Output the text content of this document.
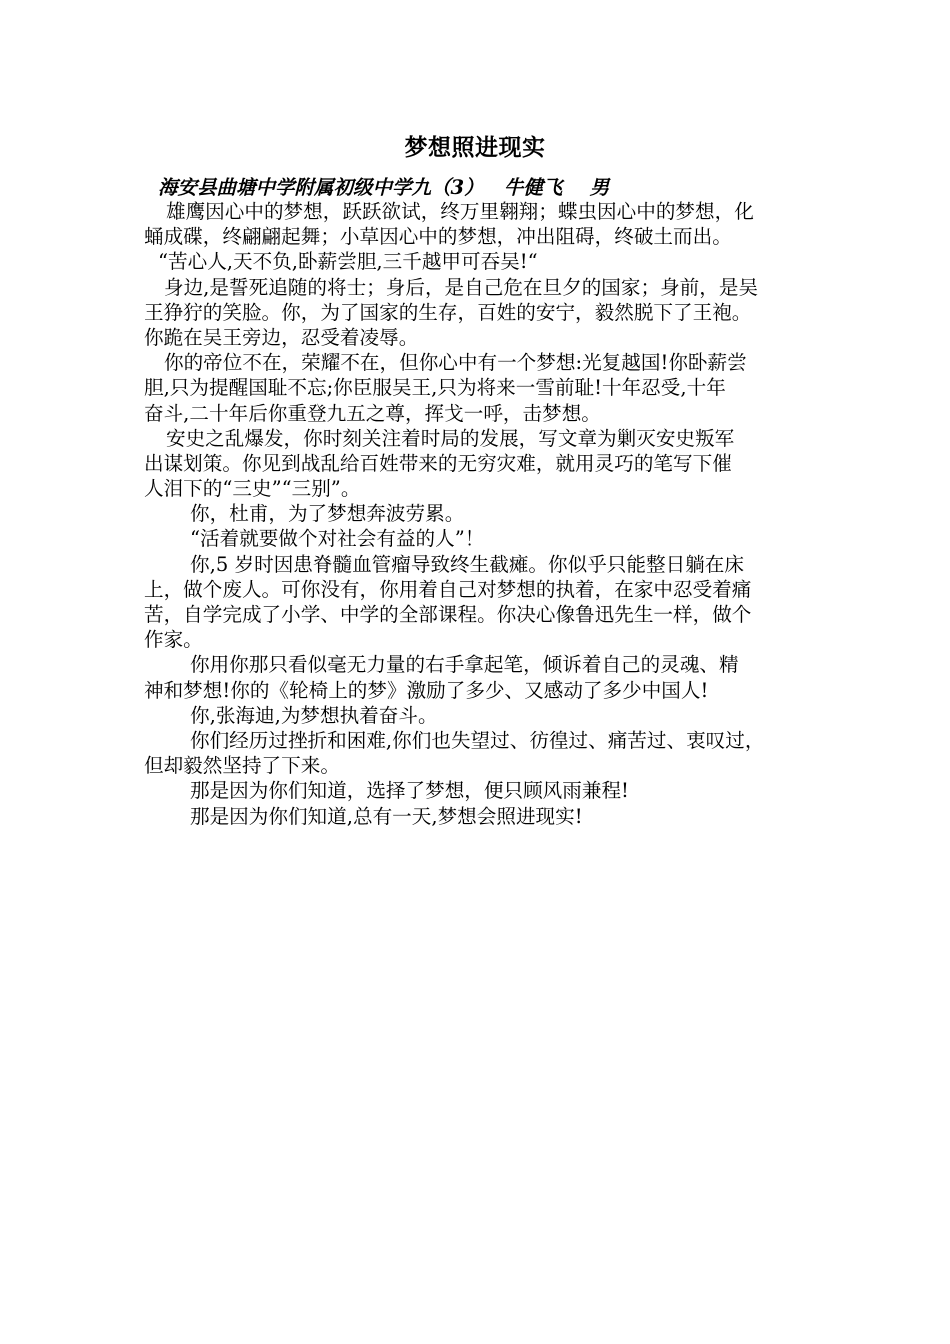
梦想照进现实
海安县曲塘中学附属初级中学九（3）   牛健飞    男

雄鹰因心中的梦想，跃跃欲试，终万里翱翔；蝶虫因心中的梦想，化
蛹成碟，终翩翩起舞；小草因心中的梦想，冲出阻碍，终破土而出。

“苦心人,天不负,卧薪尝胆,三千越甲可吞吴!“

身边,是誓死追随的将士；身后，是自己危在旦夕的国家；身前，是吴
王狰狞的笑脸。你，为了国家的生存，百姓的安宁，毅然脱下了王袍。
你跪在吴王旁边，忍受着凌辱。

你的帝位不在，荣耀不在，但你心中有一个梦想:光复越国!你卧薪尝
胆,只为提醒国耻不忘;你臣服吴王,只为将来一雪前耻!十年忍受,十年
奋斗,二十年后你重登九五之尊，挥戈一呼，击梦想。

安史之乱爆发，你时刻关注着时局的发展，写文章为剿灭安史叛军
出谋划策。你见到战乱给百姓带来的无穷灾难，就用灵巧的笔写下催
人泪下的“三史”“三别”。

你，杜甫，为了梦想奔波劳累。

“活着就要做个对社会有益的人”！

你,5 岁时因患脊髓血管瘤导致终生截瘫。你似乎只能整日躺在床
上，做个废人。可你没有，你用着自己对梦想的执着，在家中忍受着痛
苦，自学完成了小学、中学的全部课程。你决心像鲁迅先生一样，做个
作家。

你用你那只看似毫无力量的右手拿起笔，倾诉着自己的灵魂、精
神和梦想!你的《轮椅上的梦》激励了多少、又感动了多少中国人!

你,张海迪,为梦想执着奋斗。

你们经历过挫折和困难,你们也失望过、彷徨过、痛苦过、衷叹过，
但却毅然坚持了下来。

那是因为你们知道，选择了梦想，便只顾风雨兼程!

那是因为你们知道,总有一天,梦想会照进现实!
